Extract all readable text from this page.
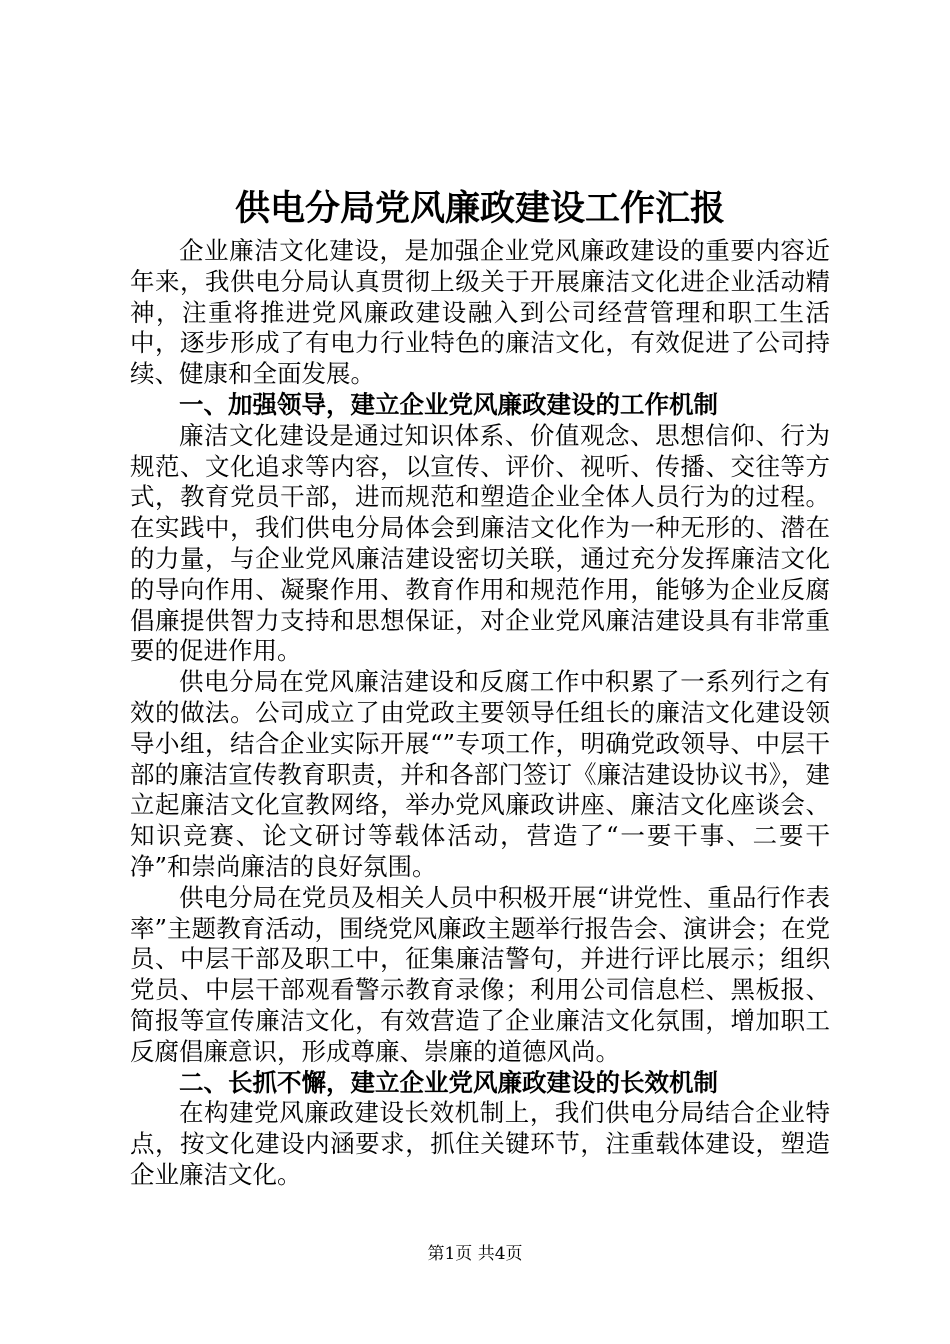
供电分局党风廉政建设工作汇报

企业廉洁文化建设，是加强企业党风廉政建设的重要内容近年来，我供电分局认真贯彻上级关于开展廉洁文化进企业活动精神，注重将推进党风廉政建设融入到公司经营管理和职工生活中，逐步形成了有电力行业特色的廉洁文化，有效促进了公司持续、健康和全面发展。

一、加强领导，建立企业党风廉政建设的工作机制

廉洁文化建设是通过知识体系、价值观念、思想信仰、行为规范、文化追求等内容，以宣传、评价、视听、传播、交往等方式，教育党员干部，进而规范和塑造企业全体人员行为的过程。在实践中，我们供电分局体会到廉洁文化作为一种无形的、潜在的力量，与企业党风廉洁建设密切关联，通过充分发挥廉洁文化的导向作用、凝聚作用、教育作用和规范作用，能够为企业反腐倡廉提供智力支持和思想保证，对企业党风廉洁建设具有非常重要的促进作用。

供电分局在党风廉洁建设和反腐工作中积累了一系列行之有效的做法。公司成立了由党政主要领导任组长的廉洁文化建设领导小组，结合企业实际开展“”专项工作，明确党政领导、中层干部的廉洁宣传教育职责，并和各部门签订《廉洁建设协议书》，建立起廉洁文化宣教网络，举办党风廉政讲座、廉洁文化座谈会、知识竞赛、论文研讨等载体活动，营造了“一要干事、二要干净”和崇尚廉洁的良好氛围。

供电分局在党员及相关人员中积极开展“讲党性、重品行作表率”主题教育活动，围绕党风廉政主题举行报告会、演讲会；在党员、中层干部及职工中，征集廉洁警句，并进行评比展示；组织党员、中层干部观看警示教育录像；利用公司信息栏、黑板报、简报等宣传廉洁文化，有效营造了企业廉洁文化氛围，增加职工反腐倡廉意识，形成尊廉、崇廉的道德风尚。

二、长抓不懈，建立企业党风廉政建设的长效机制

在构建党风廉政建设长效机制上，我们供电分局结合企业特点，按文化建设内涵要求，抓住关键环节，注重载体建设，塑造企业廉洁文化。

第1页 共4页
